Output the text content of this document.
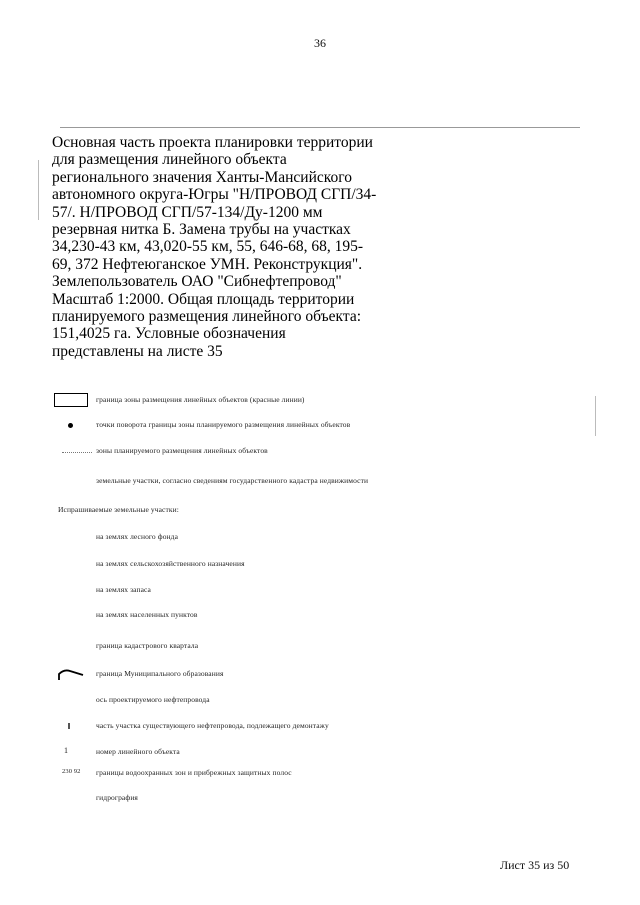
36
Основная часть проекта планировки территории
для размещения линейного объекта
регионального значения Ханты-Мансийского
автономного округа-Югры "Н/ПРОВОД СГП/34-
57/. Н/ПРОВОД СГП/57-134/Ду-1200 мм
резервная нитка Б. Замена трубы на участках
34,230-43 км, 43,020-55 км, 55, 646-68, 68, 195-
69, 372 Нефтеюганское УМН. Реконструкция".
Землепользователь ОАО "Сибнефтепровод"
Масштаб 1:2000. Общая площадь территории
планируемого размещения линейного объекта:
151,4025 га. Условные обозначения
представлены на листе 35
граница зоны размещения линейных объектов (красные линии)
точки поворота границы зоны планируемого размещения линейных объектов
зоны планируемого размещения линейных объектов
земельные участки, согласно сведениям государственного кадастра недвижимости
Испрашиваемые земельные участки:
на землях лесного фонда
на землях сельскохозяйственного назначения
на землях запаса
на землях населенных пунктов
граница кадастрового квартала
граница Муниципального образования
ось проектируемого нефтепровода
часть участка существующего нефтепровода, подлежащего демонтажу
1	номер линейного объекта
230 92 границы водоохранных зон и прибрежных защитных полос
гидрография
Лист 35 из 50
